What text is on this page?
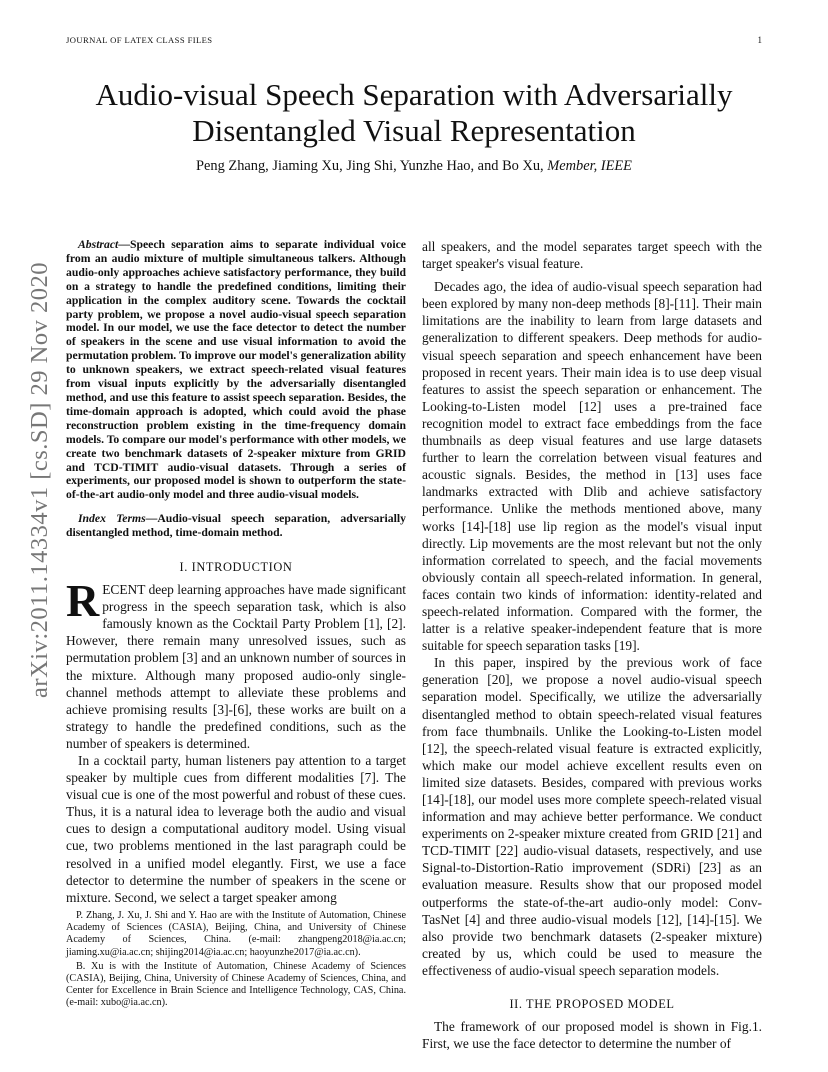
JOURNAL OF LATEX CLASS FILES	1
arXiv:2011.14334v1 [cs.SD] 29 Nov 2020
Audio-visual Speech Separation with Adversarially Disentangled Visual Representation
Peng Zhang, Jiaming Xu, Jing Shi, Yunzhe Hao, and Bo Xu, Member, IEEE

Abstract—Speech separation aims to separate individual voice from an audio mixture of multiple simultaneous talkers. Although audio-only approaches achieve satisfactory performance, they build on a strategy to handle the predefined conditions, limiting their application in the complex auditory scene. Towards the cocktail party problem, we propose a novel audio-visual speech separation model. In our model, we use the face detector to detect the number of speakers in the scene and use visual information to avoid the permutation problem. To improve our model's generalization ability to unknown speakers, we extract speech-related visual features from visual inputs explicitly by the adversarially disentangled method, and use this feature to assist speech separation. Besides, the time-domain approach is adopted, which could avoid the phase reconstruction problem existing in the time-frequency domain models. To compare our model's performance with other models, we create two benchmark datasets of 2-speaker mixture from GRID and TCD-TIMIT audio-visual datasets. Through a series of experiments, our proposed model is shown to outperform the state-of-the-art audio-only model and three audio-visual models.

Index Terms—Audio-visual speech separation, adversarially disentangled method, time-domain method.

I. INTRODUCTION

RECENT deep learning approaches have made significant progress in the speech separation task, which is also famously known as the Cocktail Party Problem [1], [2]. However, there remain many unresolved issues, such as permutation problem [3] and an unknown number of sources in the mixture. Although many proposed audio-only single-channel methods attempt to alleviate these problems and achieve promising results [3]-[6], these works are built on a strategy to handle the predefined conditions, such as the number of speakers is determined.

In a cocktail party, human listeners pay attention to a target speaker by multiple cues from different modalities [7]. The visual cue is one of the most powerful and robust of these cues. Thus, it is a natural idea to leverage both the audio and visual cues to design a computational auditory model. Using visual cue, two problems mentioned in the last paragraph could be resolved in a unified model elegantly. First, we use a face detector to determine the number of speakers in the scene or mixture. Second, we select a target speaker among

P. Zhang, J. Xu, J. Shi and Y. Hao are with the Institute of Automation, Chinese Academy of Sciences (CASIA), Beijing, China, and University of Chinese Academy of Sciences, China. (e-mail: zhangpeng2018@ia.ac.cn; jiaming.xu@ia.ac.cn; shijing2014@ia.ac.cn; haoyunzhe2017@ia.ac.cn).

B. Xu is with the Institute of Automation, Chinese Academy of Sciences (CASIA), Beijing, China, University of Chinese Academy of Sciences, China, and Center for Excellence in Brain Science and Intelligence Technology, CAS, China. (e-mail: xubo@ia.ac.cn).

all speakers, and the model separates target speech with the target speaker's visual feature.

Decades ago, the idea of audio-visual speech separation had been explored by many non-deep methods [8]-[11]. Their main limitations are the inability to learn from large datasets and generalization to different speakers. Deep methods for audio-visual speech separation and speech enhancement have been proposed in recent years. Their main idea is to use deep visual features to assist the speech separation or enhancement. The Looking-to-Listen model [12] uses a pre-trained face recognition model to extract face embeddings from the face thumbnails as deep visual features and use large datasets further to learn the correlation between visual features and acoustic signals. Besides, the method in [13] uses face landmarks extracted with Dlib and achieve satisfactory performance. Unlike the methods mentioned above, many works [14]-[18] use lip region as the model's visual input directly. Lip movements are the most relevant but not the only information correlated to speech, and the facial movements obviously contain all speech-related information. In general, faces contain two kinds of information: identity-related and speech-related information. Compared with the former, the latter is a relative speaker-independent feature that is more suitable for speech separation tasks [19].

In this paper, inspired by the previous work of face generation [20], we propose a novel audio-visual speech separation model. Specifically, we utilize the adversarially disentangled method to obtain speech-related visual features from face thumbnails. Unlike the Looking-to-Listen model [12], the speech-related visual feature is extracted explicitly, which make our model achieve excellent results even on limited size datasets. Besides, compared with previous works [14]-[18], our model uses more complete speech-related visual information and may achieve better performance. We conduct experiments on 2-speaker mixture created from GRID [21] and TCD-TIMIT [22] audio-visual datasets, respectively, and use Signal-to-Distortion-Ratio improvement (SDRi) [23] as an evaluation measure. Results show that our proposed model outperforms the state-of-the-art audio-only model: Conv-TasNet [4] and three audio-visual models [12], [14]-[15]. We also provide two benchmark datasets (2-speaker mixture) created by us, which could be used to measure the effectiveness of audio-visual speech separation models.

II. THE PROPOSED MODEL

The framework of our proposed model is shown in Fig.1. First, we use the face detector to determine the number of
